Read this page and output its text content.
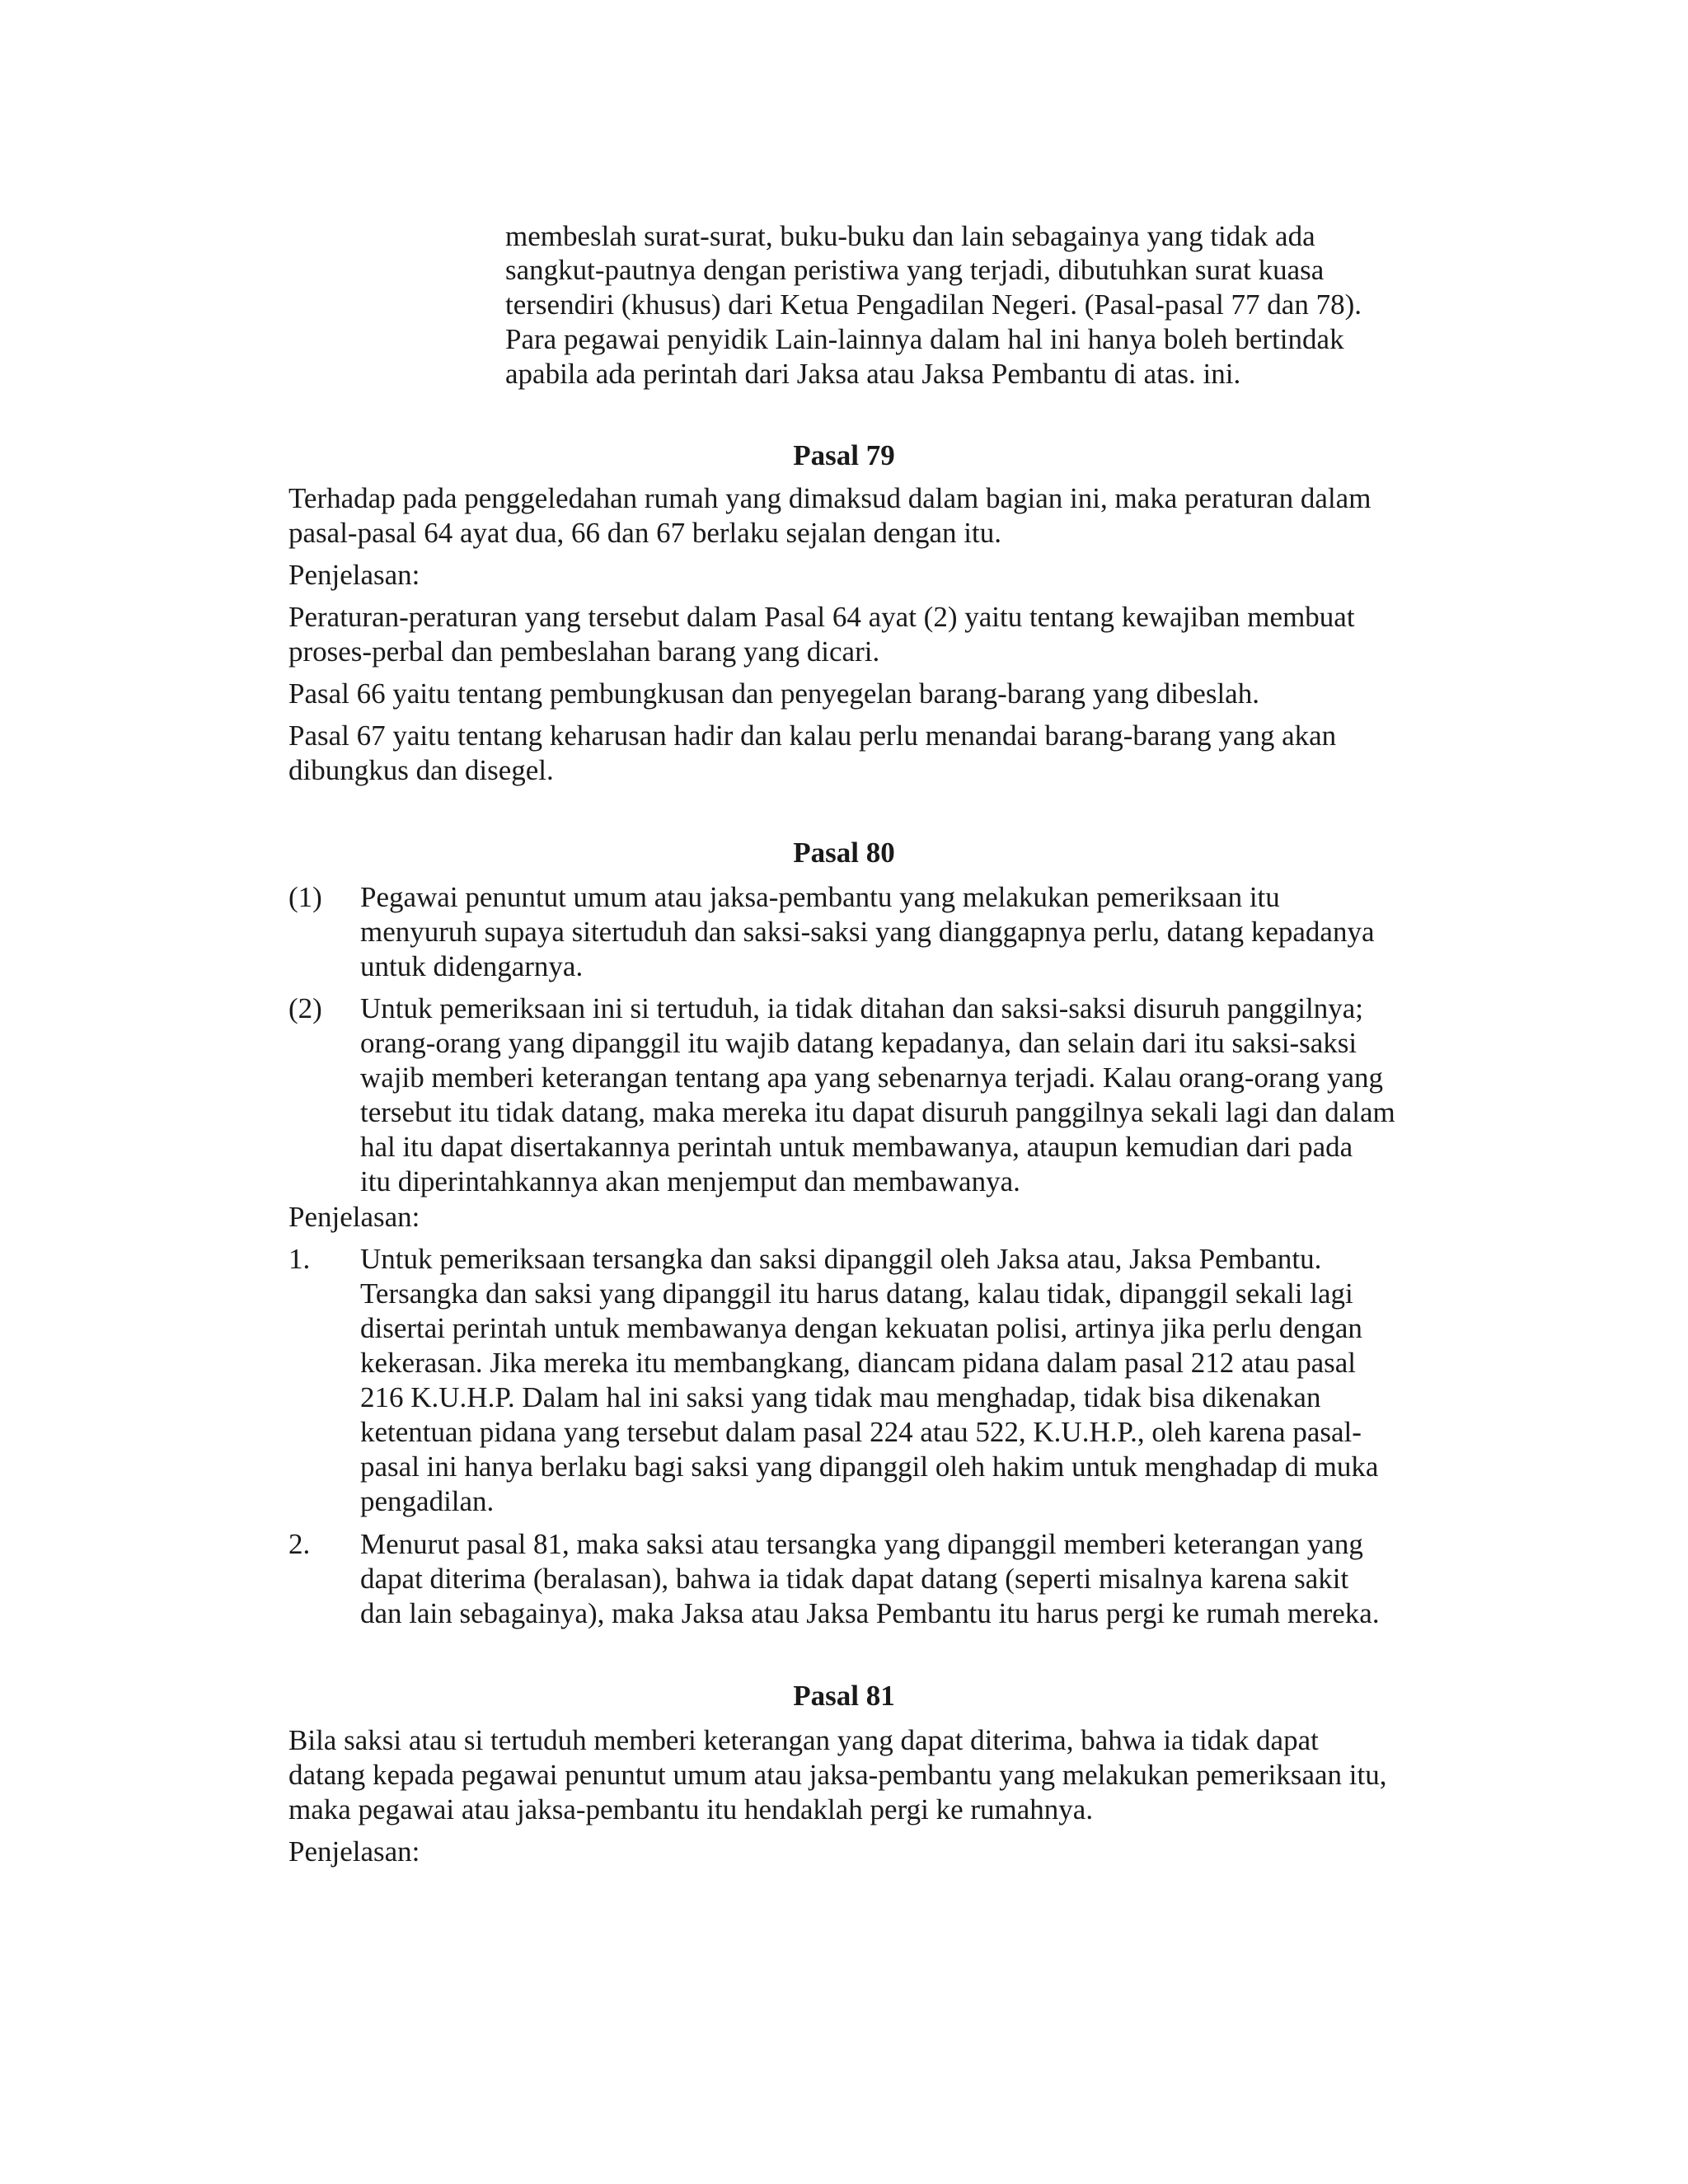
membeslah surat-surat, buku-buku dan lain sebagainya yang tidak ada
sangkut-pautnya dengan peristiwa yang terjadi, dibutuhkan surat kuasa
tersendiri (khusus) dari Ketua Pengadilan Negeri. (Pasal-pasal 77 dan 78).
Para pegawai penyidik Lain-lainnya dalam hal ini hanya boleh bertindak
apabila ada perintah dari Jaksa atau Jaksa Pembantu di atas. ini.
Pasal 79
Terhadap pada penggeledahan rumah yang dimaksud dalam bagian ini, maka peraturan dalam
pasal-pasal 64 ayat dua, 66 dan 67 berlaku sejalan dengan itu.
Penjelasan:
Peraturan-peraturan yang tersebut dalam Pasal 64 ayat (2) yaitu tentang kewajiban membuat
proses-perbal dan pembeslahan barang yang dicari.
Pasal 66 yaitu tentang pembungkusan dan penyegelan barang-barang yang dibeslah.
Pasal 67 yaitu tentang keharusan hadir dan kalau perlu menandai barang-barang yang akan
dibungkus dan disegel.
Pasal 80
(1) Pegawai penuntut umum atau jaksa-pembantu yang melakukan pemeriksaan itu
menyuruh supaya sitertuduh dan saksi-saksi yang dianggapnya perlu, datang kepadanya
untuk didengarnya.
(2) Untuk pemeriksaan ini si tertuduh, ia tidak ditahan dan saksi-saksi disuruh panggilnya;
orang-orang yang dipanggil itu wajib datang kepadanya, dan selain dari itu saksi-saksi
wajib memberi keterangan tentang apa yang sebenarnya terjadi. Kalau orang-orang yang
tersebut itu tidak datang, maka mereka itu dapat disuruh panggilnya sekali lagi dan dalam
hal itu dapat disertakannya perintah untuk membawanya, ataupun kemudian dari pada
itu diperintahkannya akan menjemput dan membawanya.
Penjelasan:
1. Untuk pemeriksaan tersangka dan saksi dipanggil oleh Jaksa atau, Jaksa Pembantu.
Tersangka dan saksi yang dipanggil itu harus datang, kalau tidak, dipanggil sekali lagi
disertai perintah untuk membawanya dengan kekuatan polisi, artinya jika perlu dengan
kekerasan. Jika mereka itu membangkang, diancam pidana dalam pasal 212 atau pasal
216 K.U.H.P. Dalam hal ini saksi yang tidak mau menghadap, tidak bisa dikenakan
ketentuan pidana yang tersebut dalam pasal 224 atau 522, K.U.H.P., oleh karena pasal-
pasal ini hanya berlaku bagi saksi yang dipanggil oleh hakim untuk menghadap di muka
pengadilan.
2. Menurut pasal 81, maka saksi atau tersangka yang dipanggil memberi keterangan yang
dapat diterima (beralasan), bahwa ia tidak dapat datang (seperti misalnya karena sakit
dan lain sebagainya), maka Jaksa atau Jaksa Pembantu itu harus pergi ke rumah mereka.
Pasal 81
Bila saksi atau si tertuduh memberi keterangan yang dapat diterima, bahwa ia tidak dapat
datang kepada pegawai penuntut umum atau jaksa-pembantu yang melakukan pemeriksaan itu,
maka pegawai atau jaksa-pembantu itu hendaklah pergi ke rumahnya.
Penjelasan:
